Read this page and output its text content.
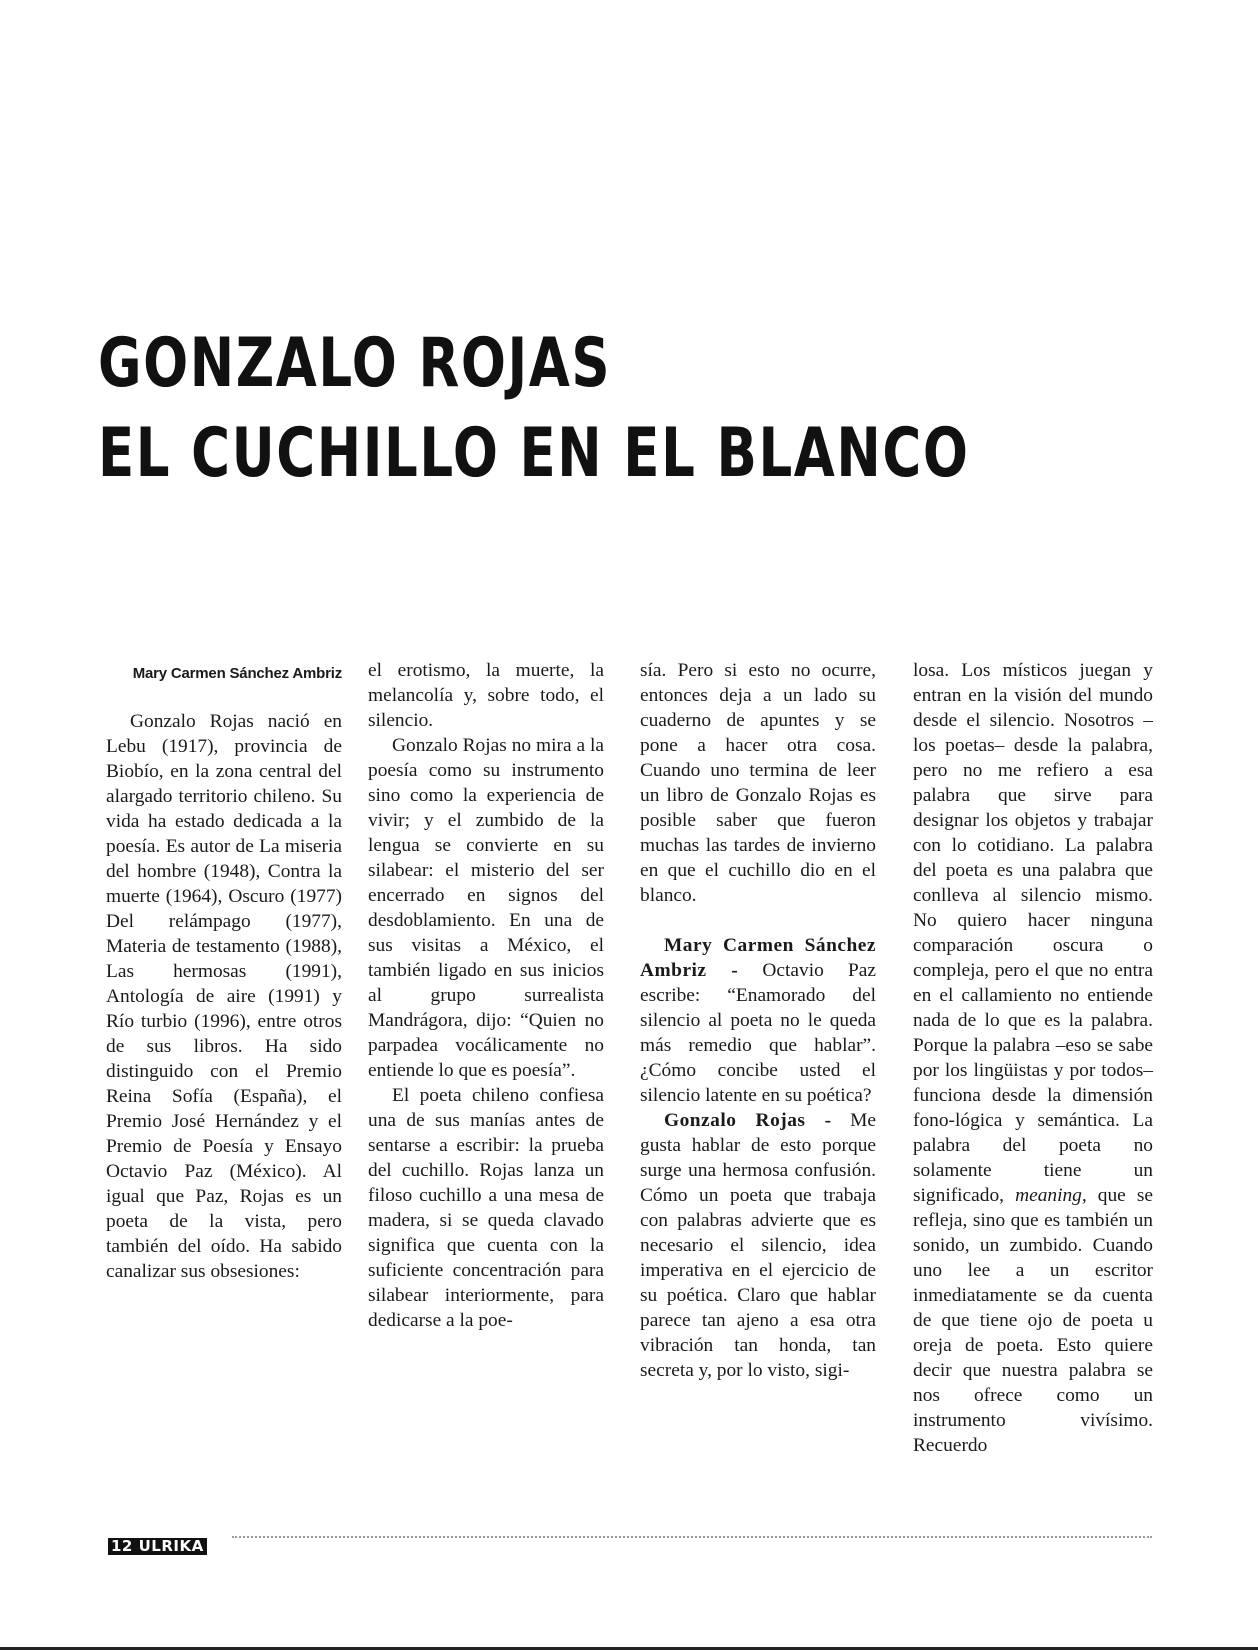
GONZALO ROJAS
EL CUCHILLO EN EL BLANCO
Mary Carmen Sánchez Ambriz

Gonzalo Rojas nació en Lebu (1917), provincia de Biobío, en la zona central del alargado territorio chileno. Su vida ha estado dedicada a la poesía. Es autor de La miseria del hombre (1948), Contra la muerte (1964), Oscuro (1977) Del relámpago (1977), Materia de testamento (1988), Las hermosas (1991), Antología de aire (1991) y Río turbio (1996), entre otros de sus libros. Ha sido distinguido con el Premio Reina Sofía (España), el Premio José Hernández y el Premio de Poesía y Ensayo Octavio Paz (México). Al igual que Paz, Rojas es un poeta de la vista, pero también del oído. Ha sabido canalizar sus obsesiones:

el erotismo, la muerte, la melancolía y, sobre todo, el silencio.

Gonzalo Rojas no mira a la poesía como su instrumento sino como la experiencia de vivir; y el zumbido de la lengua se convierte en su silabear: el misterio del ser encerrado en signos del desdoblamiento. En una de sus visitas a México, el también ligado en sus inicios al grupo surrealista Mandrágora, dijo: “Quien no parpadea vocálicamente no entiende lo que es poesía”.

El poeta chileno confiesa una de sus manías antes de sentarse a escribir: la prueba del cuchillo. Rojas lanza un filoso cuchillo a una mesa de madera, si se queda clavado significa que cuenta con la suficiente concentración para silabear interiormente, para dedicarse a la poe-

sía. Pero si esto no ocurre, entonces deja a un lado su cuaderno de apuntes y se pone a hacer otra cosa. Cuando uno termina de leer un libro de Gonzalo Rojas es posible saber que fueron muchas las tardes de invierno en que el cuchillo dio en el blanco.

Mary Carmen Sánchez Ambriz - Octavio Paz escribe: “Enamorado del silencio al poeta no le queda más remedio que hablar”. ¿Cómo concibe usted el silencio latente en su poética?

Gonzalo Rojas - Me gusta hablar de esto porque surge una hermosa confusión. Cómo un poeta que trabaja con palabras advierte que es necesario el silencio, idea imperativa en el ejercicio de su poética. Claro que hablar parece tan ajeno a esa otra vibración tan honda, tan secreta y, por lo visto, sigi-

losa. Los místicos juegan y entran en la visión del mundo desde el silencio. Nosotros –los poetas– desde la palabra, pero no me refiero a esa palabra que sirve para designar los objetos y trabajar con lo cotidiano. La palabra del poeta es una palabra que conlleva al silencio mismo. No quiero hacer ninguna comparación oscura o compleja, pero el que no entra en el callamiento no entiende nada de lo que es la palabra. Porque la palabra –eso se sabe por los lingüistas y por todos– funciona desde la dimensión fono-lógica y semántica. La palabra del poeta no solamente tiene un significado, meaning, que se refleja, sino que es también un sonido, un zumbido. Cuando uno lee a un escritor inmediatamente se da cuenta de que tiene ojo de poeta u oreja de poeta. Esto quiere decir que nuestra palabra se nos ofrece como un instrumento vivísimo. Recuerdo

12 ULRIKA
